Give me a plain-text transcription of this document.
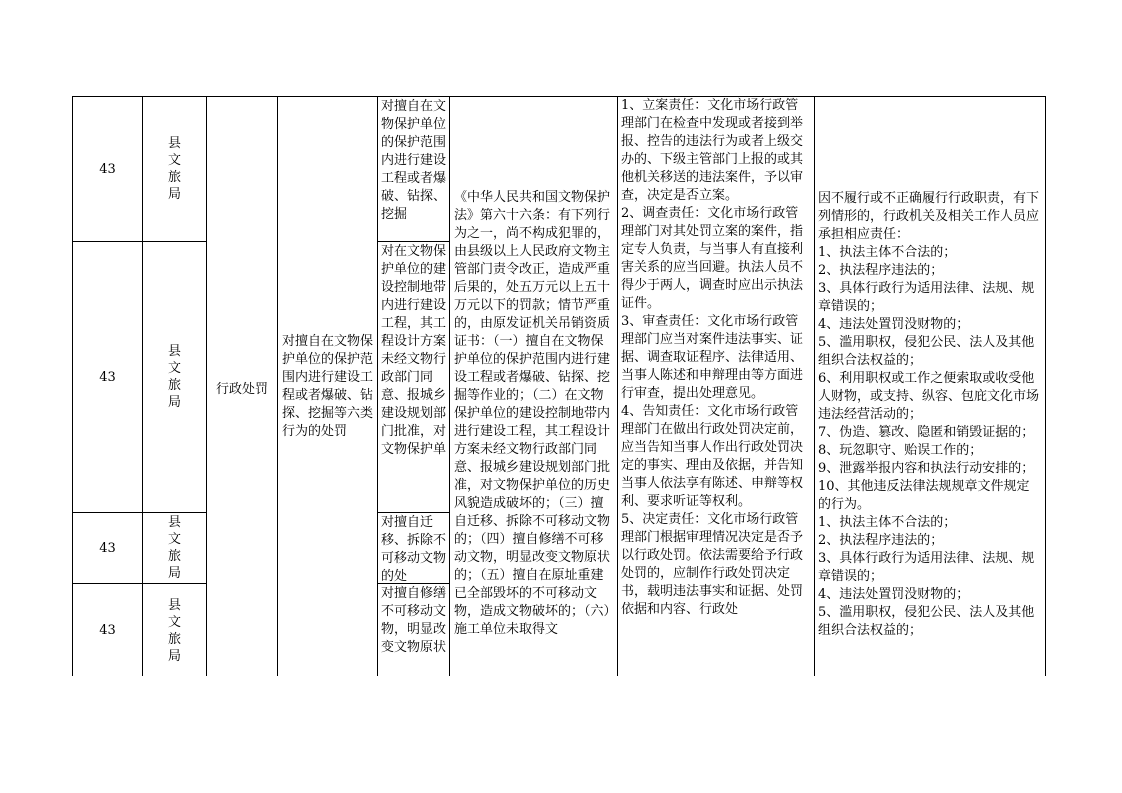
43
县文旅局
对擅自在文物保护单位的保护范围内进行建设工程或者爆破、钻探、挖掘
43
县文旅局
对在文物保护单位的建设控制地带内进行建设工程，其工程设计方案未经文物行政部门同意、报城乡建设规划部门批准，对文物保护单
43
县文旅局
对擅自迁移、拆除不可移动文物的处
43
县文旅局
对擅自修缮不可移动文物，明显改变文物原状
行政处罚
对擅自在文物保护单位的保护范围内进行建设工程或者爆破、钻探、挖掘等六类行为的处罚
《中华人民共和国文物保护法》第六十六条：有下列行为之一，尚不构成犯罪的，由县级以上人民政府文物主管部门责令改正，造成严重后果的，处五万元以上五十万元以下的罚款；情节严重的，由原发证机关吊销资质证书：（一）擅自在文物保护单位的保护范围内进行建设工程或者爆破、钻探、挖掘等作业的；（二）在文物保护单位的建设控制地带内进行建设工程，其工程设计方案未经文物行政部门同意、报城乡建设规划部门批准，对文物保护单位的历史风貌造成破坏的；（三）擅自迁移、拆除不可移动文物的；（四）擅自修缮不可移动文物，明显改变文物原状的；（五）擅自在原址重建已全部毁坏的不可移动文物，造成文物破坏的；（六）施工单位未取得文
1、立案责任：文化市场行政管理部门在检查中发现或者接到举报、控告的违法行为或者上级交办的、下级主管部门上报的或其他机关移送的违法案件，予以审查，决定是否立案。
2、调查责任：文化市场行政管理部门对其处罚立案的案件，指定专人负责，与当事人有直接利害关系的应当回避。执法人员不得少于两人，调查时应出示执法证件。
3、审查责任：文化市场行政管理部门应当对案件违法事实、证据、调查取证程序、法律适用、当事人陈述和申辩理由等方面进行审查，提出处理意见。
4、告知责任：文化市场行政管理部门在做出行政处罚决定前，应当告知当事人作出行政处罚决定的事实、理由及依据，并告知当事人依法享有陈述、申辩等权利、要求听证等权利。
5、决定责任：文化市场行政管理部门根据审理情况决定是否予以行政处罚。依法需要给予行政处罚的，应制作行政处罚决定书，载明违法事实和证据、处罚依据和内容、行政处
因不履行或不正确履行行政职责，有下列情形的，行政机关及相关工作人员应承担相应责任：
1、执法主体不合法的；
2、执法程序违法的；
3、具体行政行为适用法律、法规、规章错误的；
4、违法处置罚没财物的；
5、滥用职权，侵犯公民、法人及其他组织合法权益的；
6、利用职权或工作之便索取或收受他人财物，或支持、纵容、包庇文化市场违法经营活动的；
7、伪造、篡改、隐匿和销毁证据的；
8、玩忽职守、贻误工作的；
9、泄露举报内容和执法行动安排的；
10、其他违反法律法规规章文件规定的行为。
1、执法主体不合法的；
2、执法程序违法的；
3、具体行政行为适用法律、法规、规章错误的；
4、违法处置罚没财物的；
5、滥用职权，侵犯公民、法人及其他组织合法权益的；
